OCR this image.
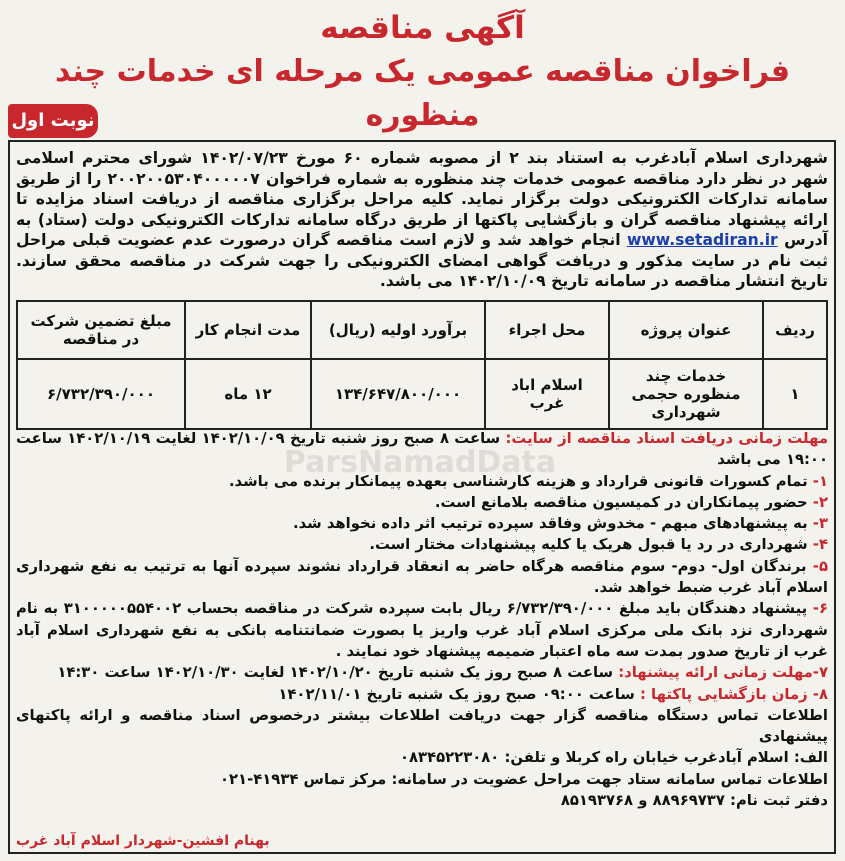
آگهی مناقصه
فراخوان مناقصه عمومی یک مرحله ای خدمات چند منظوره
نوبت اول
ParsNamadData
شهرداری اسلام آبادغرب به استناد بند ۲ از مصوبه شماره ۶۰ مورخ ۱۴۰۲/۰۷/۲۳ شورای محترم اسلامی شهر در نظر دارد مناقصه عمومی خدمات چند منظوره به شماره فراخوان ۲۰۰۲۰۰۵۳۰۴۰۰۰۰۰۷ را از طریق سامانه تدارکات الکترونیکی دولت برگزار نماید. کلیه مراحل برگزاری مناقصه از دریافت اسناد مزایده تا ارائه پیشنهاد مناقصه گران و بازگشایی پاکتها از طریق درگاه سامانه تدارکات الکترونیکی دولت (ستاد) به آدرس www.setadiran.ir انجام خواهد شد و لازم است مناقصه گران درصورت عدم عضویت قبلی مراحل ثبت نام در سایت مذکور و دریافت گواهی امضای الکترونیکی را جهت شرکت در مناقصه محقق سازند. تاریخ انتشار مناقصه در سامانه تاریخ ۱۴۰۲/۱۰/۰۹ می باشد.
ردیف	عنوان پروژه	محل اجراء	برآورد اولیه (ریال)	مدت انجام کار	مبلغ تضمین شرکت در مناقصه
۱	خدمات چند منظوره حجمی شهرداری	اسلام اباد غرب	۱۳۴/۶۴۷/۸۰۰/۰۰۰	۱۲ ماه	۶/۷۳۲/۳۹۰/۰۰۰

مهلت زمانی دریافت اسناد مناقصه از سایت: ساعت ۸ صبح روز شنبه تاریخ ۱۴۰۲/۱۰/۰۹ لغایت ۱۴۰۲/۱۰/۱۹ ساعت ۱۹:۰۰ می باشد

۱- تمام کسورات قانونی قرارداد و هزینه کارشناسی بعهده پیمانکار برنده می باشد.

۲- حضور پیمانکاران در کمیسیون مناقصه بلامانع است.

۳- به پیشنهادهای مبهم - مخدوش وفاقد سپرده ترتیب اثر داده نخواهد شد.

۴- شهرداری در رد یا قبول هریک یا کلیه پیشنهادات مختار است.

۵- برندگان اول- دوم- سوم مناقصه هرگاه حاضر به انعقاد قرارداد نشوند سپرده آنها به ترتیب به نفع شهرداری اسلام آباد غرب ضبط خواهد شد.

۶- پیشنهاد دهندگان باید مبلغ ۶/۷۳۲/۳۹۰/۰۰۰ ریال بابت سپرده شرکت در مناقصه بحساب ۳۱۰۰۰۰۰۵۵۴۰۰۲ به نام شهرداری نزد بانک ملی مرکزی اسلام آباد غرب واریز یا بصورت ضمانتنامه بانکی به نفع شهرداری اسلام آباد غرب از تاریخ صدور بمدت سه ماه اعتبار ضمیمه پیشنهاد خود نمایند .

۷-مهلت زمانی ارائه پیشنهاد: ساعت ۸ صبح روز یک شنبه تاریخ ۱۴۰۲/۱۰/۲۰ لغایت ۱۴۰۲/۱۰/۳۰ ساعت ۱۴:۳۰

۸- زمان بازگشایی پاکتها : ساعت ۰۹:۰۰ صبح روز یک شنبه تاریخ ۱۴۰۲/۱۱/۰۱

اطلاعات تماس دستگاه مناقصه گزار جهت دریافت اطلاعات بیشتر درخصوص اسناد مناقصه و ارائه پاکتهای پیشنهادی

الف: اسلام آبادغرب خیابان راه کربلا و تلفن: ۰۸۳۴۵۲۲۳۰۸۰

اطلاعات تماس سامانه ستاد جهت مراحل عضویت در سامانه: مرکز تماس ۴۱۹۳۴-۰۲۱

دفتر ثبت نام: ۸۸۹۶۹۷۳۷ و ۸۵۱۹۳۷۶۸

بهنام افشین-شهردار اسلام آباد غرب
